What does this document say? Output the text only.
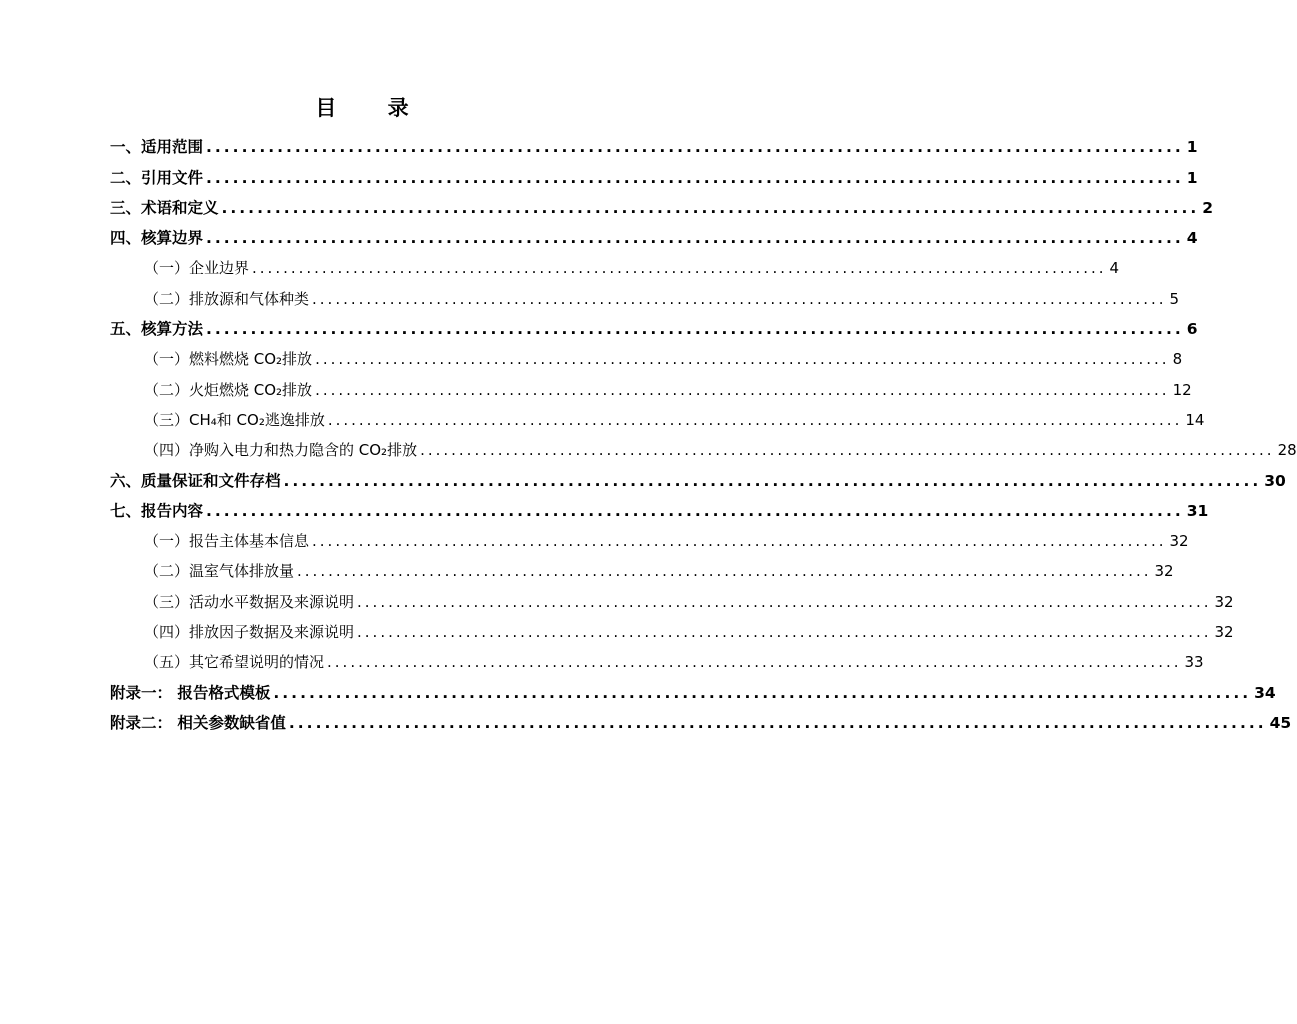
目 录
一、适用范围 .............................................................................................................. 1
二、引用文件 .............................................................................................................. 1
三、术语和定义 .............................................................................................................. 2
四、核算边界 .............................................................................................................. 4
（一）企业边界 .............................................................................................................. 4
（二）排放源和气体种类 .............................................................................................................. 5
五、核算方法 .............................................................................................................. 6
（一）燃料燃烧 CO₂排放 .............................................................................................................. 8
（二）火炬燃烧 CO₂排放 .............................................................................................................. 12
（三）CH₄和 CO₂逃逸排放 .............................................................................................................. 14
（四）净购入电力和热力隐含的 CO₂排放 .............................................................................................................. 28
六、质量保证和文件存档 .............................................................................................................. 30
七、报告内容 .............................................................................................................. 31
（一）报告主体基本信息 .............................................................................................................. 32
（二）温室气体排放量 .............................................................................................................. 32
（三）活动水平数据及来源说明 .............................................................................................................. 32
（四）排放因子数据及来源说明 .............................................................................................................. 32
（五）其它希望说明的情况 .............................................................................................................. 33
附录一： 报告格式模板 .............................................................................................................. 34
附录二： 相关参数缺省值 .............................................................................................................. 45
